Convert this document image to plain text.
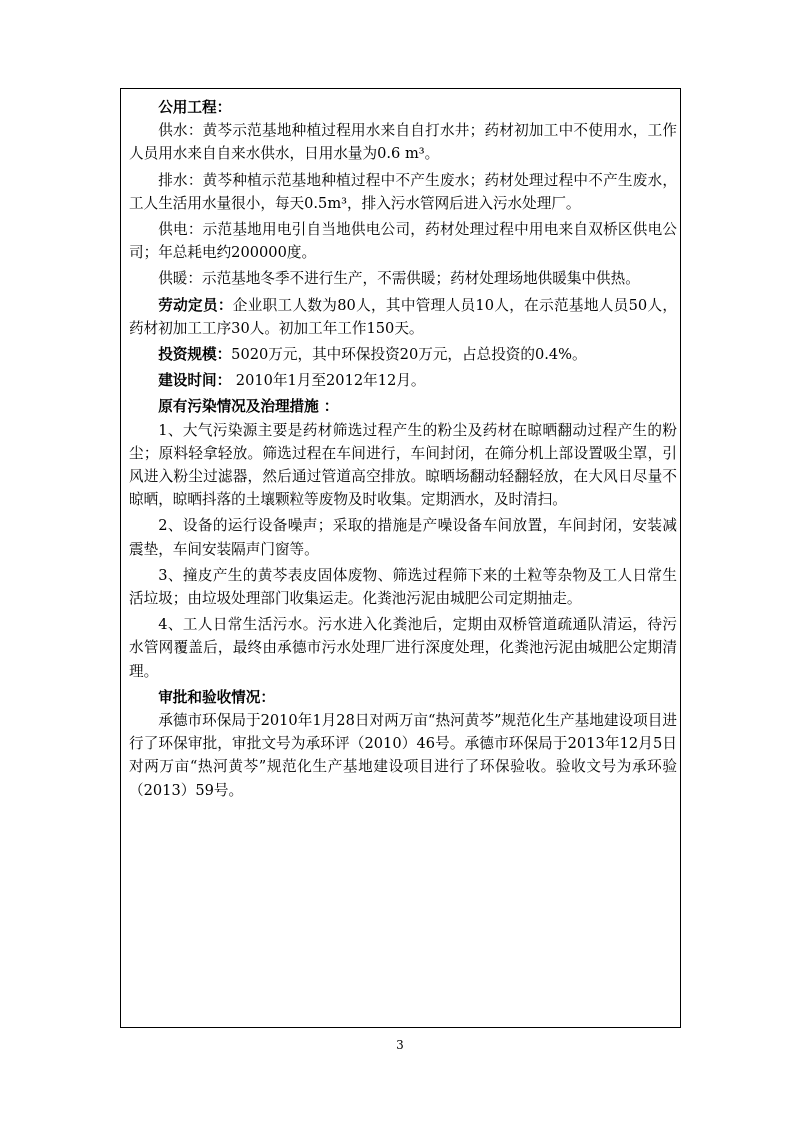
公用工程：

供水：黄芩示范基地种植过程用水来自自打水井；药材初加工中不使用水，工作人员用水来自自来水供水，日用水量为0.6 m³。

排水：黄芩种植示范基地种植过程中不产生废水；药材处理过程中不产生废水，工人生活用水量很小，每天0.5m³，排入污水管网后进入污水处理厂。

供电：示范基地用电引自当地供电公司，药材处理过程中用电来自双桥区供电公司；年总耗电约200000度。

供暖：示范基地冬季不进行生产，不需供暖；药材处理场地供暖集中供热。

劳动定员：企业职工人数为80人，其中管理人员10人，在示范基地人员50人，药材初加工工序30人。初加工年工作150天。

投资规模：5020万元，其中环保投资20万元，占总投资的0.4%。

建设时间： 2010年1月至2012年12月。

原有污染情况及治理措施 ：

1、大气污染源主要是药材筛选过程产生的粉尘及药材在晾晒翻动过程产生的粉尘；原料轻拿轻放。筛选过程在车间进行，车间封闭，在筛分机上部设置吸尘罩，引风进入粉尘过滤器，然后通过管道高空排放。晾晒场翻动轻翻轻放，在大风日尽量不晾晒，晾晒抖落的土壤颗粒等废物及时收集。定期洒水，及时清扫。

2、设备的运行设备噪声；采取的措施是产噪设备车间放置，车间封闭，安装减震垫，车间安装隔声门窗等。

3、撞皮产生的黄芩表皮固体废物、筛选过程筛下来的土粒等杂物及工人日常生活垃圾；由垃圾处理部门收集运走。化粪池污泥由城肥公司定期抽走。

4、工人日常生活污水。污水进入化粪池后，定期由双桥管道疏通队清运，待污水管网覆盖后，最终由承德市污水处理厂进行深度处理，化粪池污泥由城肥公定期清理。

审批和验收情况：

承德市环保局于2010年1月28日对两万亩“热河黄芩”规范化生产基地建设项目进行了环保审批，审批文号为承环评（2010）46号。承德市环保局于2013年12月5日对两万亩“热河黄芩”规范化生产基地建设项目进行了环保验收。验收文号为承环验（2013）59号。

3
